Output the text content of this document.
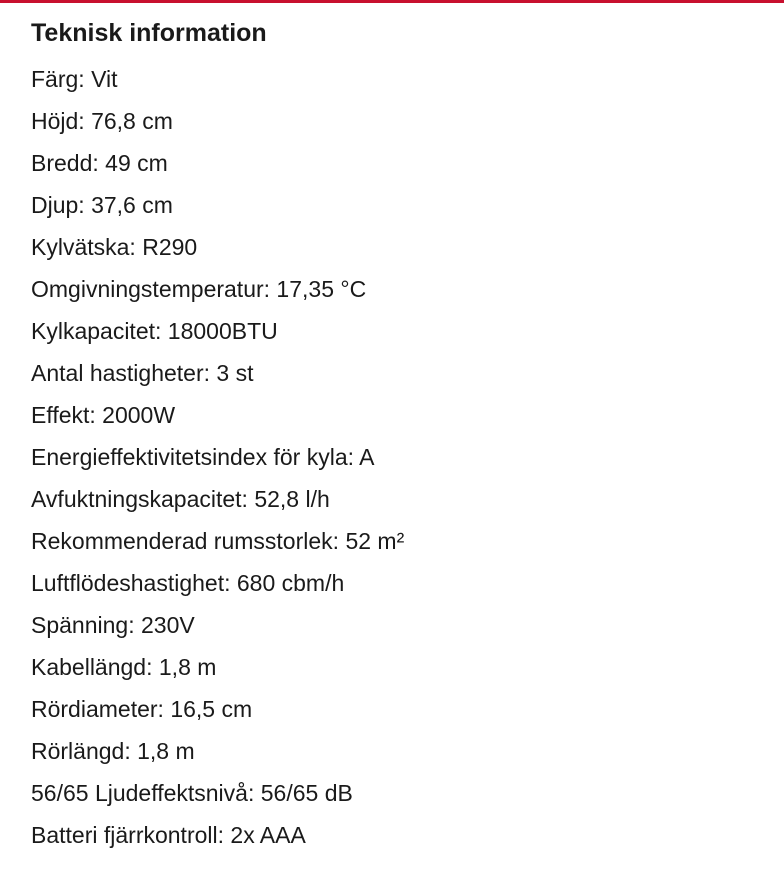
Teknisk information
Färg: Vit
Höjd: 76,8 cm
Bredd: 49 cm
Djup: 37,6 cm
Kylvätska: R290
Omgivningstemperatur: 17,35 °C
Kylkapacitet: 18000BTU
Antal hastigheter: 3 st
Effekt: 2000W
Energieffektivitetsindex för kyla: A
Avfuktningskapacitet: 52,8 l/h
Rekommenderad rumsstorlek: 52 m²
Luftflödeshastighet: 680 cbm/h
Spänning: 230V
Kabellängd: 1,8 m
Rördiameter: 16,5 cm
Rörlängd: 1,8 m
56/65 Ljudeffektsnivå: 56/65 dB
Batteri fjärrkontroll: 2x AAA
